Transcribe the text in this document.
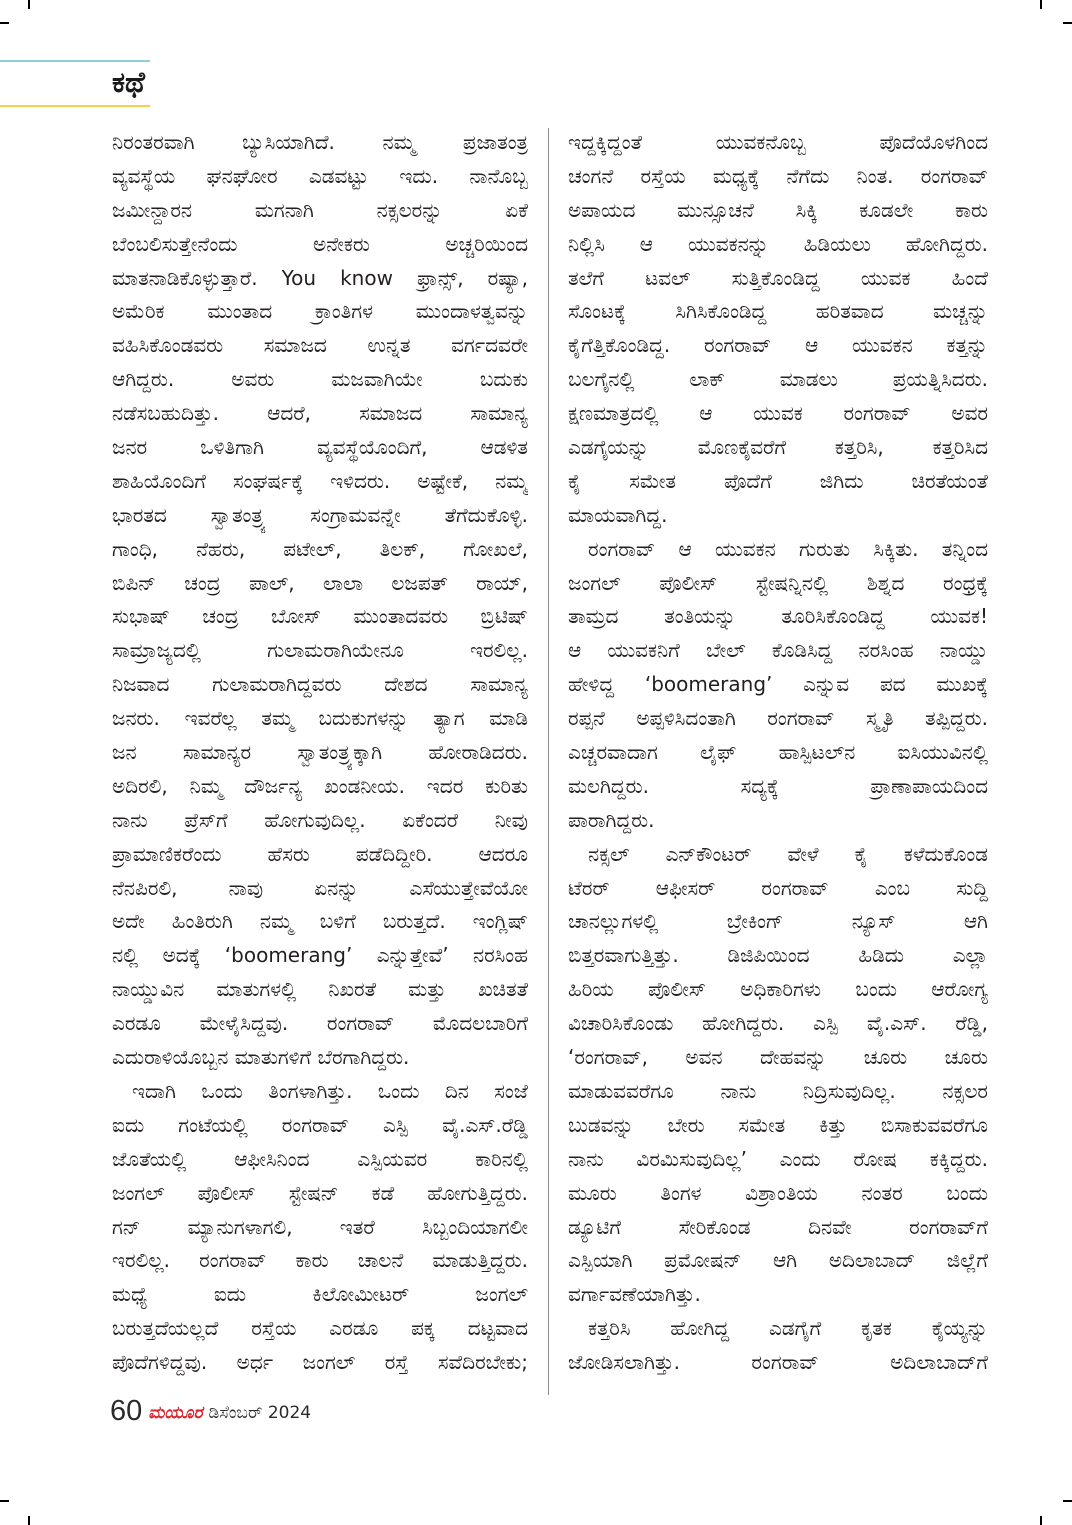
ಕಥೆ
ನಿರಂತರವಾಗಿ ಬ್ಯುಸಿಯಾಗಿದೆ. ನಮ್ಮ ಪ್ರಜಾತಂತ್ರ
ವ್ಯವಸ್ಥೆಯ ಘನಘೋರ ಎಡವಟ್ಟು ಇದು. ನಾನೊಬ್ಬ
ಜಮೀನ್ದಾರನ ಮಗನಾಗಿ ನಕ್ಸಲರನ್ನು ಏಕೆ
ಬೆಂಬಲಿಸುತ್ತೇನೆಂದು ಅನೇಕರು ಅಚ್ಚರಿಯಿಂದ
ಮಾತನಾಡಿಕೊಳ್ಳುತ್ತಾರೆ. You know ಫ್ರಾನ್ಸ್, ರಷ್ಯಾ,
ಅಮೆರಿಕ ಮುಂತಾದ ಕ್ರಾಂತಿಗಳ ಮುಂದಾಳತ್ವವನ್ನು
ವಹಿಸಿಕೊಂಡವರು ಸಮಾಜದ ಉನ್ನತ ವರ್ಗದವರೇ
ಆಗಿದ್ದರು. ಅವರು ಮಜವಾಗಿಯೇ ಬದುಕು
ನಡೆಸಬಹುದಿತ್ತು. ಆದರೆ, ಸಮಾಜದ ಸಾಮಾನ್ಯ
ಜನರ ಒಳಿತಿಗಾಗಿ ವ್ಯವಸ್ಥೆಯೊಂದಿಗೆ, ಆಡಳಿತ
ಶಾಹಿಯೊಂದಿಗೆ ಸಂಘರ್ಷಕ್ಕೆ ಇಳಿದರು. ಅಷ್ಟೇಕೆ, ನಮ್ಮ
ಭಾರತದ ಸ್ವಾತಂತ್ರ್ಯ ಸಂಗ್ರಾಮವನ್ನೇ ತೆಗೆದುಕೊಳ್ಳಿ.
ಗಾಂಧಿ, ನೆಹರು, ಪಟೇಲ್, ತಿಲಕ್, ಗೋಖಲೆ,
ಬಿಪಿನ್ ಚಂದ್ರ ಪಾಲ್, ಲಾಲಾ ಲಜಪತ್ ರಾಯ್,
ಸುಭಾಷ್ ಚಂದ್ರ ಬೋಸ್ ಮುಂತಾದವರು ಬ್ರಿಟಿಷ್
ಸಾಮ್ರಾಜ್ಯದಲ್ಲಿ ಗುಲಾಮರಾಗಿಯೇನೂ ಇರಲಿಲ್ಲ.
ನಿಜವಾದ ಗುಲಾಮರಾಗಿದ್ದವರು ದೇಶದ ಸಾಮಾನ್ಯ
ಜನರು. ಇವರೆಲ್ಲ ತಮ್ಮ ಬದುಕುಗಳನ್ನು ತ್ಯಾಗ ಮಾಡಿ
ಜನ ಸಾಮಾನ್ಯರ ಸ್ವಾತಂತ್ರ್ಯಕ್ಕಾಗಿ ಹೋರಾಡಿದರು.
ಅದಿರಲಿ, ನಿಮ್ಮ ದೌರ್ಜನ್ಯ ಖಂಡನೀಯ. ಇದರ ಕುರಿತು
ನಾನು ಪ್ರೆಸ್‌ಗೆ ಹೋಗುವುದಿಲ್ಲ. ಏಕೆಂದರೆ ನೀವು
ಪ್ರಾಮಾಣಿಕರೆಂದು ಹೆಸರು ಪಡೆದಿದ್ದೀರಿ. ಆದರೂ
ನೆನಪಿರಲಿ, ನಾವು ಏನನ್ನು ಎಸೆಯುತ್ತೇವೆಯೋ
ಅದೇ ಹಿಂತಿರುಗಿ ನಮ್ಮ ಬಳಿಗೆ ಬರುತ್ತದೆ. ಇಂಗ್ಲಿಷ್
ನಲ್ಲಿ ಅದಕ್ಕೆ ‘boomerang’ ಎನ್ನುತ್ತೇವೆ’ ನರಸಿಂಹ
ನಾಯ್ಡುವಿನ ಮಾತುಗಳಲ್ಲಿ ನಿಖರತೆ ಮತ್ತು ಖಚಿತತೆ
ಎರಡೂ ಮೇಳೈಸಿದ್ದವು. ರಂಗರಾವ್ ಮೊದಲಬಾರಿಗೆ
ಎದುರಾಳಿಯೊಬ್ಬನ ಮಾತುಗಳಿಗೆ ಬೆರಗಾಗಿದ್ದರು.
ಇದಾಗಿ ಒಂದು ತಿಂಗಳಾಗಿತ್ತು. ಒಂದು ದಿನ ಸಂಜೆ
ಐದು ಗಂಟೆಯಲ್ಲಿ ರಂಗರಾವ್ ಎಸ್ಪಿ ವೈ.ಎಸ್.ರೆಡ್ಡಿ
ಜೊತೆಯಲ್ಲಿ ಆಫೀಸಿನಿಂದ ಎಸ್ಪಿಯವರ ಕಾರಿನಲ್ಲಿ
ಜಂಗಲ್ ಪೊಲೀಸ್ ಸ್ಟೇಷನ್ ಕಡೆ ಹೋಗುತ್ತಿದ್ದರು.
ಗನ್ ಮ್ಯಾನುಗಳಾಗಲಿ, ಇತರೆ ಸಿಬ್ಬಂದಿಯಾಗಲೀ
ಇರಲಿಲ್ಲ. ರಂಗರಾವ್ ಕಾರು ಚಾಲನೆ ಮಾಡುತ್ತಿದ್ದರು.
ಮಧ್ಯೆ ಐದು ಕಿಲೋಮೀಟರ್ ಜಂಗಲ್
ಬರುತ್ತದೆಯಲ್ಲದೆ ರಸ್ತೆಯ ಎರಡೂ ಪಕ್ಕ ದಟ್ಟವಾದ
ಪೊದೆಗಳಿದ್ದವು. ಅರ್ಧ ಜಂಗಲ್ ರಸ್ತೆ ಸವೆದಿರಬೇಕು;
ಇದ್ದಕ್ಕಿದ್ದಂತೆ ಯುವಕನೊಬ್ಬ ಪೊದೆಯೊಳಗಿಂದ
ಚಂಗನೆ ರಸ್ತೆಯ ಮಧ್ಯಕ್ಕೆ ನೆಗೆದು ನಿಂತ. ರಂಗರಾವ್
ಅಪಾಯದ ಮುನ್ಸೂಚನೆ ಸಿಕ್ಕಿ ಕೂಡಲೇ ಕಾರು
ನಿಲ್ಲಿಸಿ ಆ ಯುವಕನನ್ನು ಹಿಡಿಯಲು ಹೋಗಿದ್ದರು.
ತಲೆಗೆ ಟವಲ್ ಸುತ್ತಿಕೊಂಡಿದ್ದ ಯುವಕ ಹಿಂದೆ
ಸೊಂಟಕ್ಕೆ ಸಿಗಿಸಿಕೊಂಡಿದ್ದ ಹರಿತವಾದ ಮಚ್ಚನ್ನು
ಕೈಗೆತ್ತಿಕೊಂಡಿದ್ದ. ರಂಗರಾವ್ ಆ ಯುವಕನ ಕತ್ತನ್ನು
ಬಲಗೈನಲ್ಲಿ ಲಾಕ್ ಮಾಡಲು ಪ್ರಯತ್ನಿಸಿದರು.
ಕ್ಷಣಮಾತ್ರದಲ್ಲಿ ಆ ಯುವಕ ರಂಗರಾವ್ ಅವರ
ಎಡಗೈಯನ್ನು ಮೊಣಕೈವರೆಗೆ ಕತ್ತರಿಸಿ, ಕತ್ತರಿಸಿದ
ಕೈ ಸಮೇತ ಪೊದೆಗೆ ಜಿಗಿದು ಚಿರತೆಯಂತೆ
ಮಾಯವಾಗಿದ್ದ.
ರಂಗರಾವ್ ಆ ಯುವಕನ ಗುರುತು ಸಿಕ್ಕಿತು. ತನ್ನಿಂದ
ಜಂಗಲ್ ಪೊಲೀಸ್ ಸ್ಟೇಷನ್ನಿನಲ್ಲಿ ಶಿಶ್ನದ ರಂಧ್ರಕ್ಕೆ
ತಾಮ್ರದ ತಂತಿಯನ್ನು ತೂರಿಸಿಕೊಂಡಿದ್ದ ಯುವಕ!
ಆ ಯುವಕನಿಗೆ ಬೇಲ್ ಕೊಡಿಸಿದ್ದ ನರಸಿಂಹ ನಾಯ್ಡು
ಹೇಳಿದ್ದ ‘boomerang’ ಎನ್ನುವ ಪದ ಮುಖಕ್ಕೆ
ರಪ್ಪನೆ ಅಪ್ಪಳಿಸಿದಂತಾಗಿ ರಂಗರಾವ್ ಸ್ಮೃತಿ ತಪ್ಪಿದ್ದರು.
ಎಚ್ಚರವಾದಾಗ ಲೈಫ್ ಹಾಸ್ಪಿಟಲ್‌ನ ಐಸಿಯುವಿನಲ್ಲಿ
ಮಲಗಿದ್ದರು. ಸದ್ಯಕ್ಕೆ ಪ್ರಾಣಾಪಾಯದಿಂದ
ಪಾರಾಗಿದ್ದರು.
ನಕ್ಸಲ್ ಎನ್‌ಕೌಂಟರ್ ವೇಳೆ ಕೈ ಕಳೆದುಕೊಂಡ
ಟೆರರ್ ಆಫೀಸರ್ ರಂಗರಾವ್ ಎಂಬ ಸುದ್ದಿ
ಚಾನಲ್ಲುಗಳಲ್ಲಿ ಬ್ರೇಕಿಂಗ್ ನ್ಯೂಸ್ ಆಗಿ
ಬಿತ್ತರವಾಗುತ್ತಿತ್ತು. ಡಿಜಿಪಿಯಿಂದ ಹಿಡಿದು ಎಲ್ಲಾ
ಹಿರಿಯ ಪೊಲೀಸ್ ಅಧಿಕಾರಿಗಳು ಬಂದು ಆರೋಗ್ಯ
ವಿಚಾರಿಸಿಕೊಂಡು ಹೋಗಿದ್ದರು. ಎಸ್ಪಿ ವೈ.ಎಸ್. ರೆಡ್ಡಿ,
‘ರಂಗರಾವ್, ಅವನ ದೇಹವನ್ನು ಚೂರು ಚೂರು
ಮಾಡುವವರೆಗೂ ನಾನು ನಿದ್ರಿಸುವುದಿಲ್ಲ. ನಕ್ಸಲರ
ಬುಡವನ್ನು ಬೇರು ಸಮೇತ ಕಿತ್ತು ಬಿಸಾಕುವವರೆಗೂ
ನಾನು ವಿರಮಿಸುವುದಿಲ್ಲ’ ಎಂದು ರೋಷ ಕಕ್ಕಿದ್ದರು.
ಮೂರು ತಿಂಗಳ ವಿಶ್ರಾಂತಿಯ ನಂತರ ಬಂದು
ಡ್ಯೂಟಿಗೆ ಸೇರಿಕೊಂಡ ದಿನವೇ ರಂಗರಾವ್‌ಗೆ
ಎಸ್ಪಿಯಾಗಿ ಪ್ರಮೋಷನ್ ಆಗಿ ಅದಿಲಾಬಾದ್ ಜಿಲ್ಲೆಗೆ
ವರ್ಗಾವಣೆಯಾಗಿತ್ತು.
ಕತ್ತರಿಸಿ ಹೋಗಿದ್ದ ಎಡಗೈಗೆ ಕೃತಕ ಕೈಯ್ಯನ್ನು
ಜೋಡಿಸಲಾಗಿತ್ತು. ರಂಗರಾವ್ ಅದಿಲಾಬಾದ್‌ಗೆ
60 ಮಯೂರ ಡಿಸೆಂಬರ್ 2024
